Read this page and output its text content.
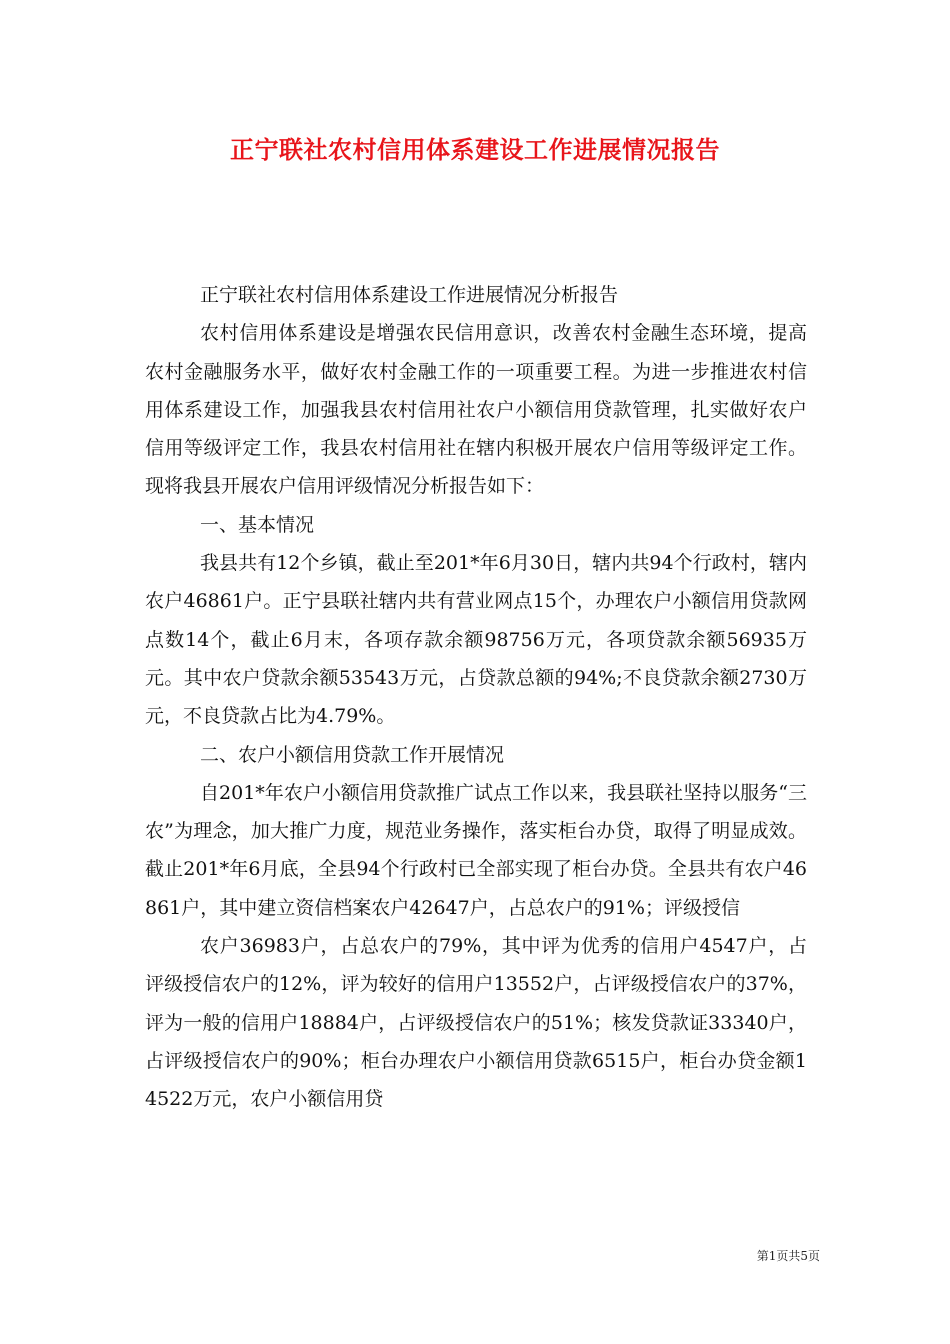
正宁联社农村信用体系建设工作进展情况报告

正宁联社农村信用体系建设工作进展情况分析报告

农村信用体系建设是增强农民信用意识，改善农村金融生态环境，提高农村金融服务水平，做好农村金融工作的一项重要工程。为进一步推进农村信用体系建设工作，加强我县农村信用社农户小额信用贷款管理，扎实做好农户信用等级评定工作，我县农村信用社在辖内积极开展农户信用等级评定工作。现将我县开展农户信用评级情况分析报告如下：

一、基本情况

我县共有12个乡镇，截止至201*年6月30日，辖内共94个行政村，辖内农户46861户。正宁县联社辖内共有营业网点15个，办理农户小额信用贷款网点数14个，截止6月末，各项存款余额98756万元，各项贷款余额56935万元。其中农户贷款余额53543万元，占贷款总额的94%;不良贷款余额2730万元，不良贷款占比为4.79%。

二、农户小额信用贷款工作开展情况

自201*年农户小额信用贷款推广试点工作以来，我县联社坚持以服务“三农”为理念，加大推广力度，规范业务操作，落实柜台办贷，取得了明显成效。截止201*年6月底，全县94个行政村已全部实现了柜台办贷。全县共有农户46861户，其中建立资信档案农户42647户，占总农户的91%；评级授信

农户36983户，占总农户的79%，其中评为优秀的信用户4547户，占评级授信农户的12%，评为较好的信用户13552户，占评级授信农户的37%，评为一般的信用户18884户，占评级授信农户的51%；核发贷款证33340户，占评级授信农户的90%；柜台办理农户小额信用贷款6515户，柜台办贷金额14522万元，农户小额信用贷

第1页共5页
